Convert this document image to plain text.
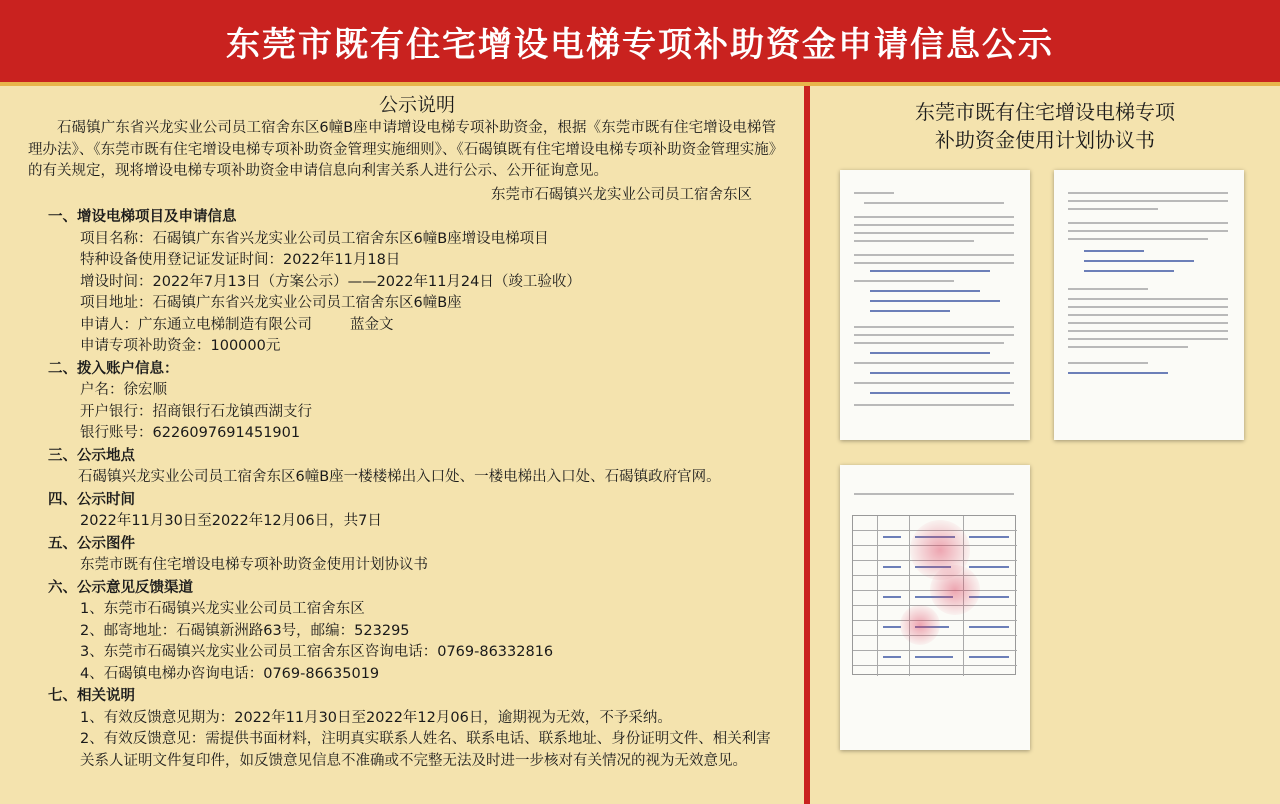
东莞市既有住宅增设电梯专项补助资金申请信息公示
公示说明
石碣镇广东省兴龙实业公司员工宿舍东区6幢B座申请增设电梯专项补助资金，根据《东莞市既有住宅增设电梯管理办法》、《东莞市既有住宅增设电梯专项补助资金管理实施细则》、《石碣镇既有住宅增设电梯专项补助资金管理实施》的有关规定，现将增设电梯专项补助资金申请信息向利害关系人进行公示、公开征询意见。
东莞市石碣镇兴龙实业公司员工宿舍东区
一、增设电梯项目及申请信息
项目名称：石碣镇广东省兴龙实业公司员工宿舍东区6幢B座增设电梯项目
特种设备使用登记证发证时间：2022年11月18日
增设时间：2022年7月13日（方案公示）——2022年11月24日（竣工验收）
项目地址：石碣镇广东省兴龙实业公司员工宿舍东区6幢B座
申请人：广东通立电梯制造有限公司	蓝金文
申请专项补助资金：100000元
二、拨入账户信息：
户名：徐宏顺
开户银行：招商银行石龙镇西湖支行
银行账号：6226097691451901
三、公示地点
石碣镇兴龙实业公司员工宿舍东区6幢B座一楼楼梯出入口处、一楼电梯出入口处、石碣镇政府官网。
四、公示时间
2022年11月30日至2022年12月06日，共7日
五、公示图件
东莞市既有住宅增设电梯专项补助资金使用计划协议书
六、公示意见反馈渠道
1、东莞市石碣镇兴龙实业公司员工宿舍东区
2、邮寄地址：石碣镇新洲路63号，邮编：523295
3、东莞市石碣镇兴龙实业公司员工宿舍东区咨询电话：0769-86332816
4、石碣镇电梯办咨询电话：0769-86635019
七、相关说明
1、有效反馈意见期为：2022年11月30日至2022年12月06日，逾期视为无效，不予采纳。
2、有效反馈意见：需提供书面材料，注明真实联系人姓名、联系电话、联系地址、身份证明文件、相关利害关系人证明文件复印件，如反馈意见信息不准确或不完整无法及时进一步核对有关情况的视为无效意见。
东莞市既有住宅增设电梯专项
补助资金使用计划协议书
